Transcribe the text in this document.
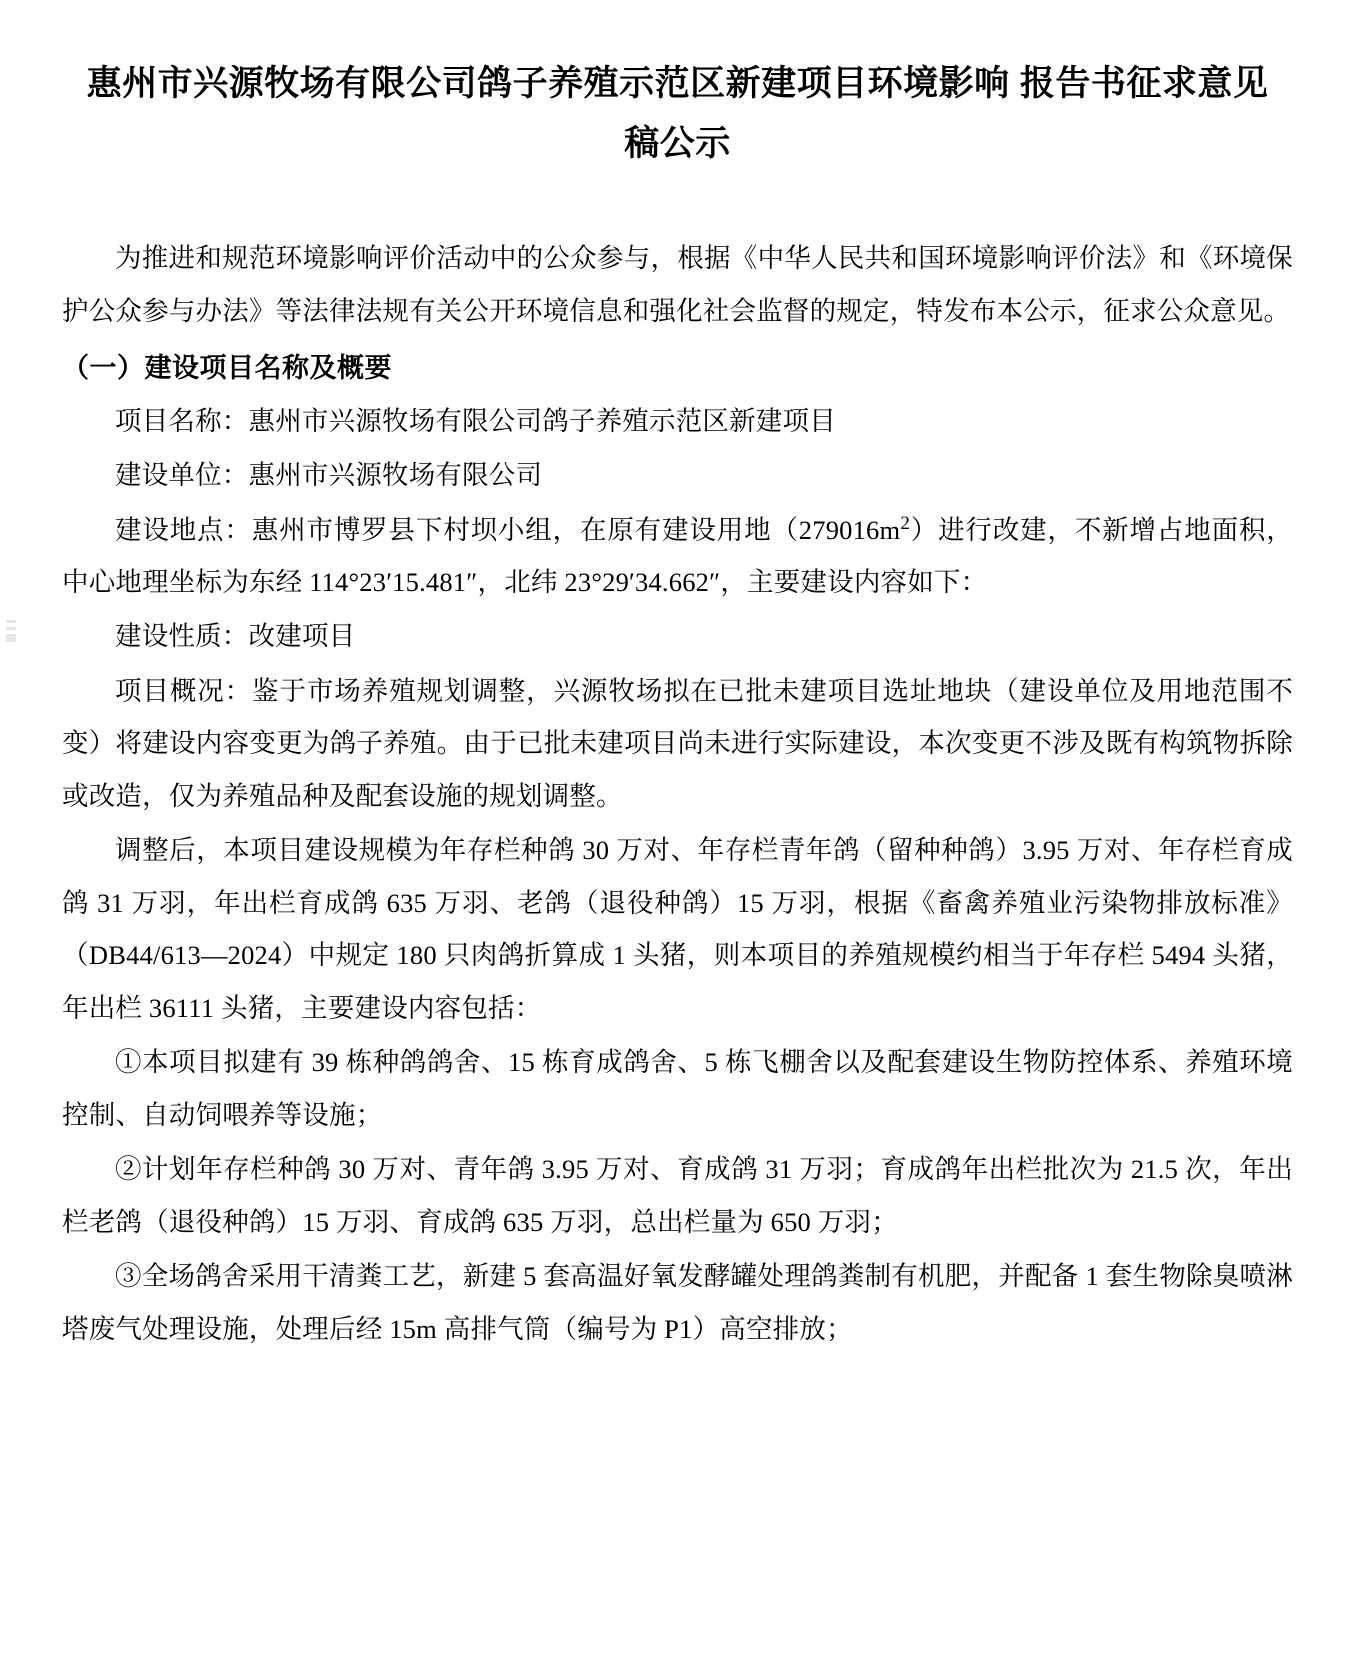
惠州市兴源牧场有限公司鸽子养殖示范区新建项目环境影响 报告书征求意见稿公示

为推进和规范环境影响评价活动中的公众参与，根据《中华人民共和国环境影响评价法》和《环境保护公众参与办法》等法律法规有关公开环境信息和强化社会监督的规定，特发布本公示，征求公众意见。

（一）建设项目名称及概要

项目名称：惠州市兴源牧场有限公司鸽子养殖示范区新建项目

建设单位：惠州市兴源牧场有限公司

建设地点：惠州市博罗县下村坝小组，在原有建设用地$(279016m^2)$进行改建，不新增占地面积，中心地理坐标为东经 114°23′15.481″，北纬 23°29′34.662″，主要建设内容如下：

建设性质：改建项目

项目概况：鉴于市场养殖规划调整，兴源牧场拟在已批未建项目选址地块（建设单位及用地范围不变）将建设内容变更为鸽子养殖。由于已批未建项目尚未进行实际建设，本次变更不涉及既有构筑物拆除或改造，仅为养殖品种及配套设施的规划调整。

调整后，本项目建设规模为年存栏种鸽 30 万对、年存栏青年鸽（留种种鸽）3.95 万对、年存栏育成鸽 31 万羽，年出栏育成鸽 635 万羽、老鸽（退役种鸽）15 万羽，根据《畜禽养殖业污染物排放标准》（DB44/613—2024）中规定 180 只肉鸽折算成 1 头猪，则本项目的养殖规模约相当于年存栏 5494 头猪，年出栏 36111 头猪，主要建设内容包括：

①本项目拟建有 39 栋种鸽鸽舍、15 栋育成鸽舍、5 栋飞棚舍以及配套建设生物防控体系、养殖环境控制、自动饲喂养等设施；

②计划年存栏种鸽 30 万对、青年鸽 3.95 万对、育成鸽 31 万羽；育成鸽年出栏批次为 21.5 次，年出栏老鸽（退役种鸽）15 万羽、育成鸽 635 万羽，总出栏量为 650 万羽；

③全场鸽舍采用干清粪工艺，新建 5 套高温好氧发酵罐处理鸽粪制有机肥，并配备 1 套生物除臭喷淋塔废气处理设施，处理后经 15m 高排气筒（编号为 P1）高空排放；
